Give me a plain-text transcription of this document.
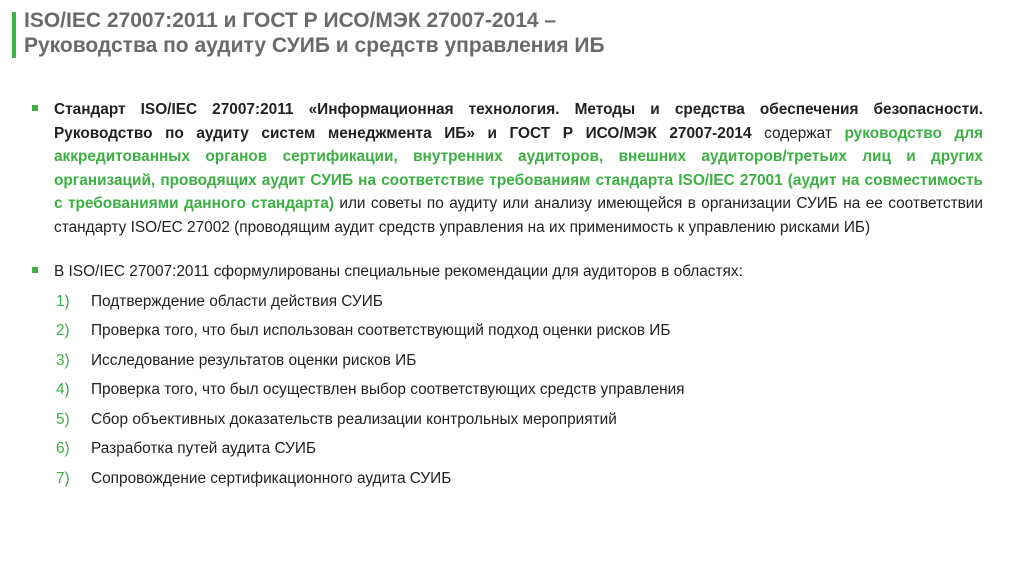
ISO/IEC 27007:2011 и ГОСТ Р ИСО/МЭК 27007-2014 –
Руководства по аудиту СУИБ и средств управления ИБ

Стандарт ISO/IEC 27007:2011 «Информационная технология. Методы и средства обеспечения безопасности. Руководство по аудиту систем менеджмента ИБ» и ГОСТ Р ИСО/МЭК 27007-2014 содержат руководство для аккредитованных органов сертификации, внутренних аудиторов, внешних аудиторов/третьих лиц и других организаций, проводящих аудит СУИБ на соответствие требованиям стандарта ISO/IEC 27001 (аудит на совместимость с требованиями данного стандарта) или советы по аудиту или анализу имеющейся в организации СУИБ на ее соответствии стандарту ISO/EC 27002 (проводящим аудит средств управления на их применимость к управлению рисками ИБ)

В ISO/IEC 27007:2011 сформулированы специальные рекомендации для аудиторов в областях:

1) Подтверждение области действия СУИБ
2) Проверка того, что был использован соответствующий подход оценки рисков ИБ
3) Исследование результатов оценки рисков ИБ
4) Проверка того, что был осуществлен выбор соответствующих средств управления
5) Сбор объективных доказательств реализации контрольных мероприятий
6) Разработка путей аудита СУИБ
7) Сопровождение сертификационного аудита СУИБ
